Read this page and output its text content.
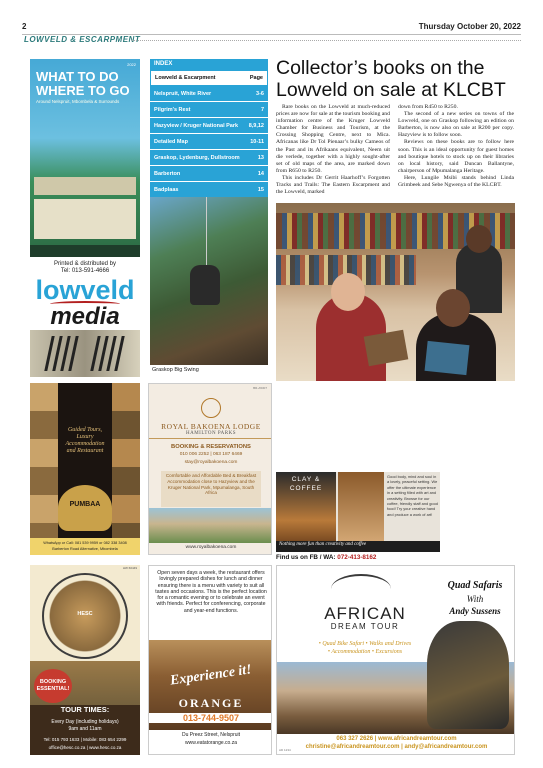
2	Thursday October 20, 2022
LOWVELD & ESCARPMENT
2022
WHAT TO DO
WHERE TO GO
Around Nelspruit, Mbombela & Surrounds
Printed & distributed by
Tel: 013-591-4666
lowveld
media
INDEX
Lowveld & Escarpment	Page
Nelspruit, White River	3-6
Pilgrim's Rest	7
Hazyview / Kruger National Park 8,9,12
Detailed Map	10-11
Graskop, Lydenburg, Dullstroom	13
Barberton	14
Badplaas	15
Graskop Big Swing
Collector’s books on the
Lowveld on sale at KLCBT

Rare books on the Lowveld at much-reduced prices are now for sale at the tourism booking and information centre of the Kruger Lowveld Chamber for Business and Tourism, at the Crossing Shopping Centre, next to Mica. Africanas like Dr Tol Pienaar’s bulky Cameos of the Past and its Afrikaans equivalent, Neem uit die verlede, together with a highly sought-after set of old maps of the area, are marked down from R650 to R250.

This includes Dr Gerrit Haarhoff’s Forgotten Tracks and Trails: The Eastern Escarpment and the Lowveld, marked

down from R450 to R250.

The second of a new series on towns of the Lowveld, one on Graskop following an edition on Barberton, is now also on sale at R200 per copy. Hazyview is to follow soon.

Reviews on these books are to follow here soon. This is an ideal opportunity for guest homes and boutique hotels to stock up on their libraries on local history, said Duncan Ballantyne, chairperson of Mpumalanga Heritage.

Here, Lungile Msibi stands behind Linda Grimbeek and Sebe Ngwenya of the KLCBT.

Guided Tours,
Luxury Accommodation
and Restaurant
PUMBAA
WhatsApp or Call: 081 539 9959 or 082 338 3408
Barberton Road Alternative, Mbombela
BR-A5307
ROYAL BAKOENA LODGE
HAMILTON PARKS
BOOKING & RESERVATIONS
010 006 2252 | 063 187 6469
stay@royalbakoena.com
Comfortable and Affordable Bed & Breakfast Accommodation close to Hazyview and the Kruger National Park, Mpumalanga, South Africa
www.royalbakoena.com
CLAY &
COFFEE
Good body, mind and soul in a lovely, peaceful setting. We offer the ultimate experience in a setting filled with art and creativity. Browse for our coffee, friendly staff and good food! Try your creative hand and produce a work of art!
Nothing more fun than creativity and coffee
Find us on FB / WA: 072-413-8162
HW 60449
HESC
BOOKING
ESSENTIAL!
TOUR TIMES:
Every Day (including holidays)
9am and 11am
Tel: 015 793 1633 | Mobile: 083 654 2299
office@hesc.co.za | www.hesc.co.za
Open seven days a week, the restaurant offers lovingly prepared dishes for lunch and dinner ensuring there is a menu with variety to suit all tastes and occasions. This is the perfect location for a romantic evening or to celebrate an event with friends. Perfect for conferencing, corporate and year-end functions.
Experience it!
ORANGE
013-744-9507
Du Preez Street, Nelspruit
www.eatatorange.co.za
AFRICAN
DREAM TOUR
• Quad Bike Safari • Walks and Drives
• Accommodation • Excursions
Quad Safaris
With
Andy Sussens
063 327 2626 | www.africandreamtour.com
christine@africandreamtour.com | andy@africandreamtour.com
AD 1234
